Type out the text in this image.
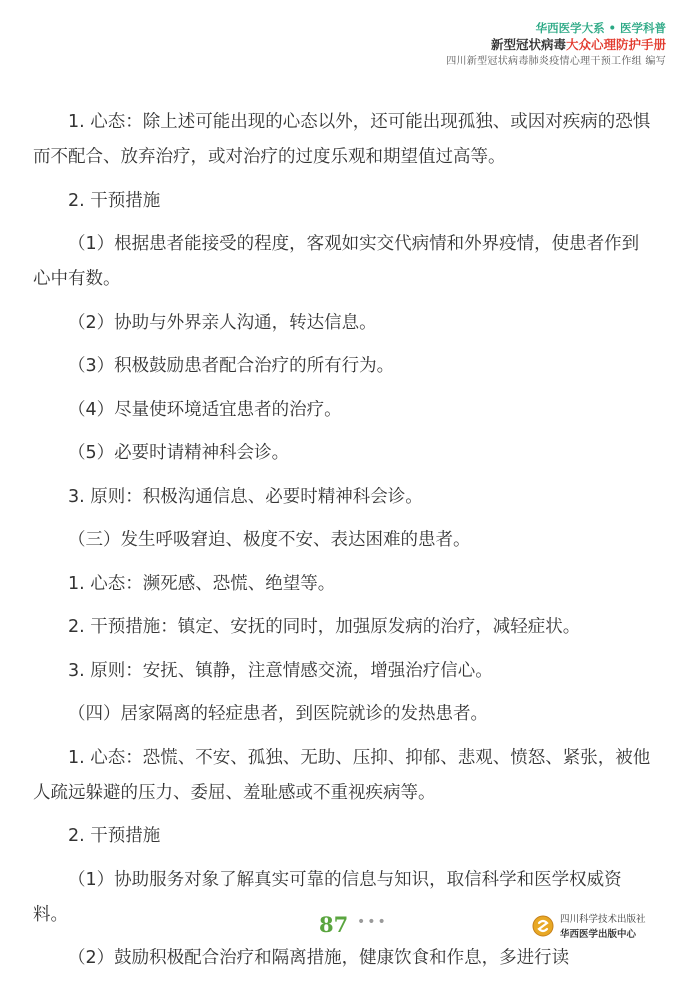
华西医学大系 • 医学科普
新型冠状病毒大众心理防护手册
四川新型冠状病毒肺炎疫情心理干预工作组 编写

1. 心态：除上述可能出现的心态以外，还可能出现孤独、或因对疾病的恐惧而不配合、放弃治疗，或对治疗的过度乐观和期望值过高等。

2. 干预措施

（1）根据患者能接受的程度，客观如实交代病情和外界疫情，使患者作到心中有数。

（2）协助与外界亲人沟通，转达信息。

（3）积极鼓励患者配合治疗的所有行为。

（4）尽量使环境适宜患者的治疗。

（5）必要时请精神科会诊。

3. 原则：积极沟通信息、必要时精神科会诊。

（三）发生呼吸窘迫、极度不安、表达困难的患者。

1. 心态：濒死感、恐慌、绝望等。

2. 干预措施：镇定、安抚的同时，加强原发病的治疗，减轻症状。

3. 原则：安抚、镇静，注意情感交流，增强治疗信心。

（四）居家隔离的轻症患者，到医院就诊的发热患者。

1. 心态：恐慌、不安、孤独、无助、压抑、抑郁、悲观、愤怒、紧张，被他人疏远躲避的压力、委屈、羞耻感或不重视疾病等。

2. 干预措施

（1）协助服务对象了解真实可靠的信息与知识，取信科学和医学权威资料。

（2）鼓励积极配合治疗和隔离措施，健康饮食和作息，多进行读

87 •••	四川科学技术出版社
华西医学出版中心
